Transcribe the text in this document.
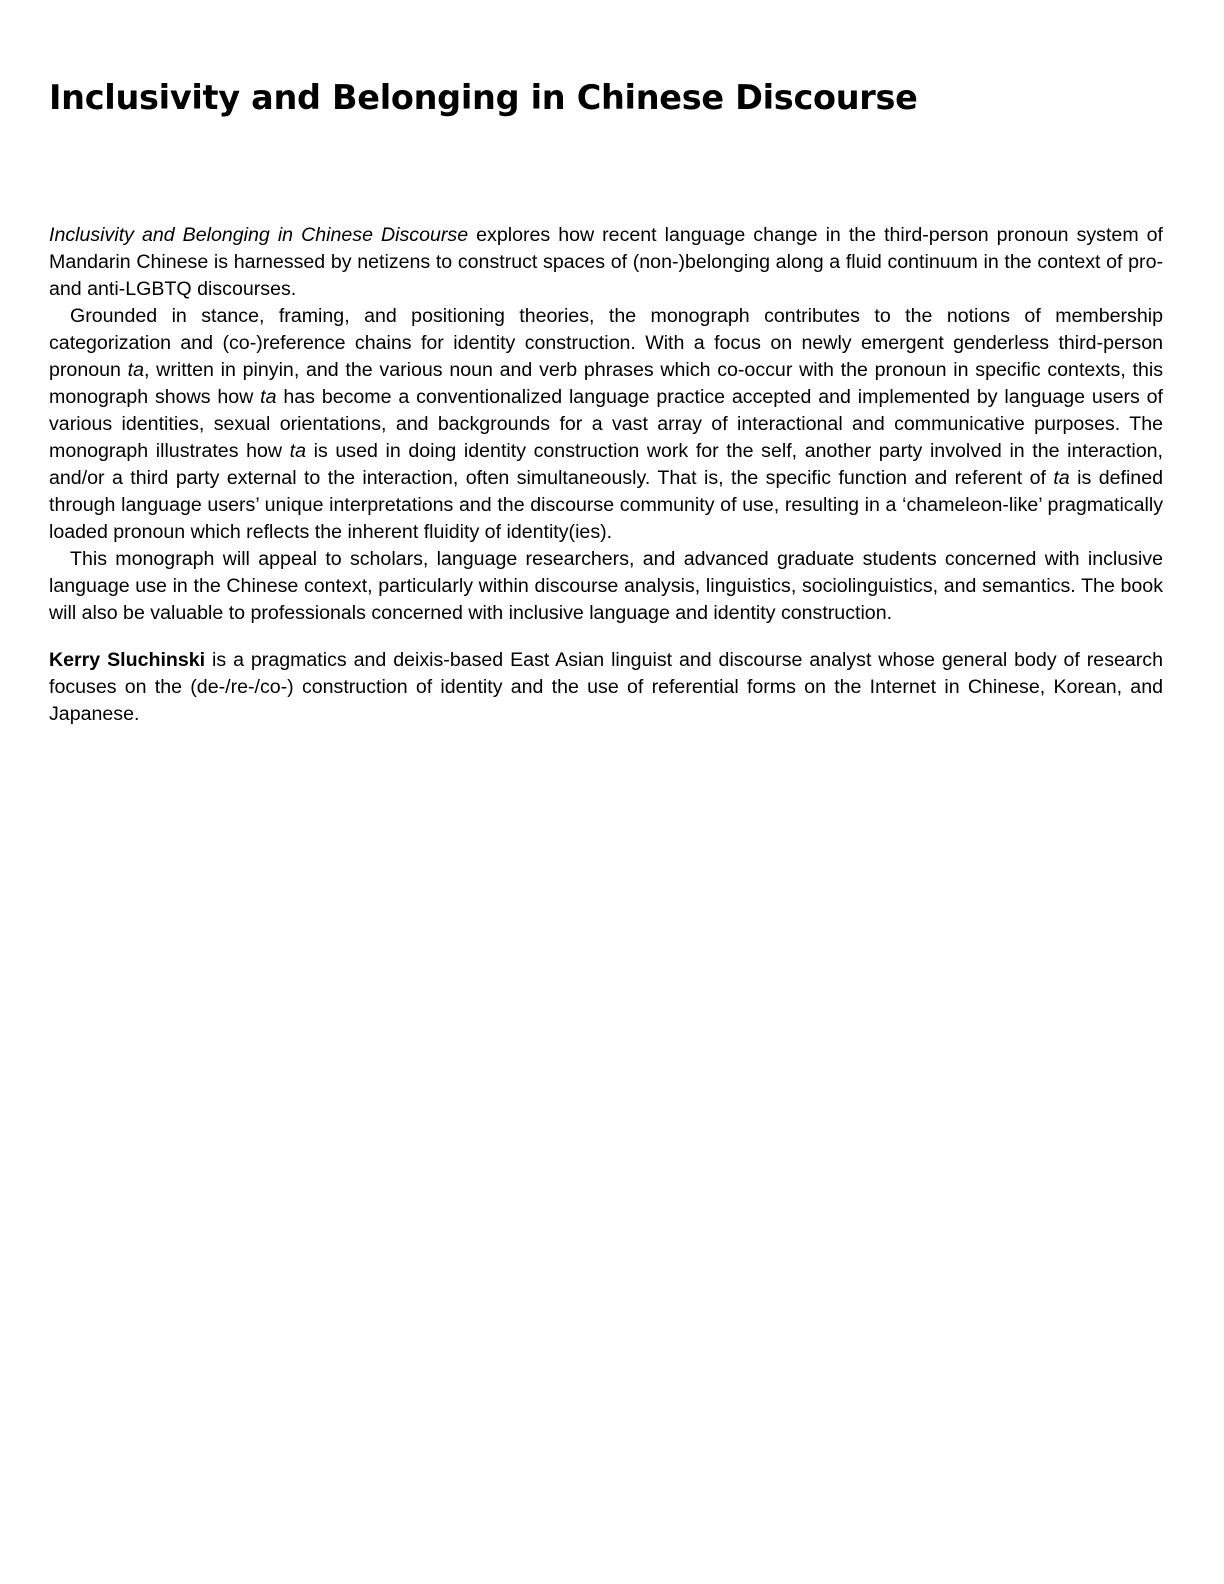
Inclusivity and Belonging in Chinese Discourse

Inclusivity and Belonging in Chinese Discourse explores how recent language change in the third-person pronoun system of Mandarin Chinese is harnessed by netizens to construct spaces of (non-)belonging along a fluid continuum in the context of pro- and anti-LGBTQ discourses.

Grounded in stance, framing, and positioning theories, the monograph contributes to the notions of membership categorization and (co-)reference chains for identity construction. With a focus on newly emergent genderless third-person pronoun ta, written in pinyin, and the various noun and verb phrases which co-occur with the pronoun in specific contexts, this monograph shows how ta has become a conventionalized language practice accepted and implemented by language users of various identities, sexual orientations, and backgrounds for a vast array of interactional and communicative purposes. The monograph illustrates how ta is used in doing identity construction work for the self, another party involved in the interaction, and/or a third party external to the interaction, often simultaneously. That is, the specific function and referent of ta is defined through language users’ unique interpretations and the discourse community of use, resulting in a ‘chameleon-like’ pragmatically loaded pronoun which reflects the inherent fluidity of identity(ies).

This monograph will appeal to scholars, language researchers, and advanced graduate students concerned with inclusive language use in the Chinese context, particularly within discourse analysis, linguistics, sociolinguistics, and semantics. The book will also be valuable to professionals concerned with inclusive language and identity construction.

Kerry Sluchinski is a pragmatics and deixis-based East Asian linguist and discourse analyst whose general body of research focuses on the (de-/re-/co-) construction of identity and the use of referential forms on the Internet in Chinese, Korean, and Japanese.
